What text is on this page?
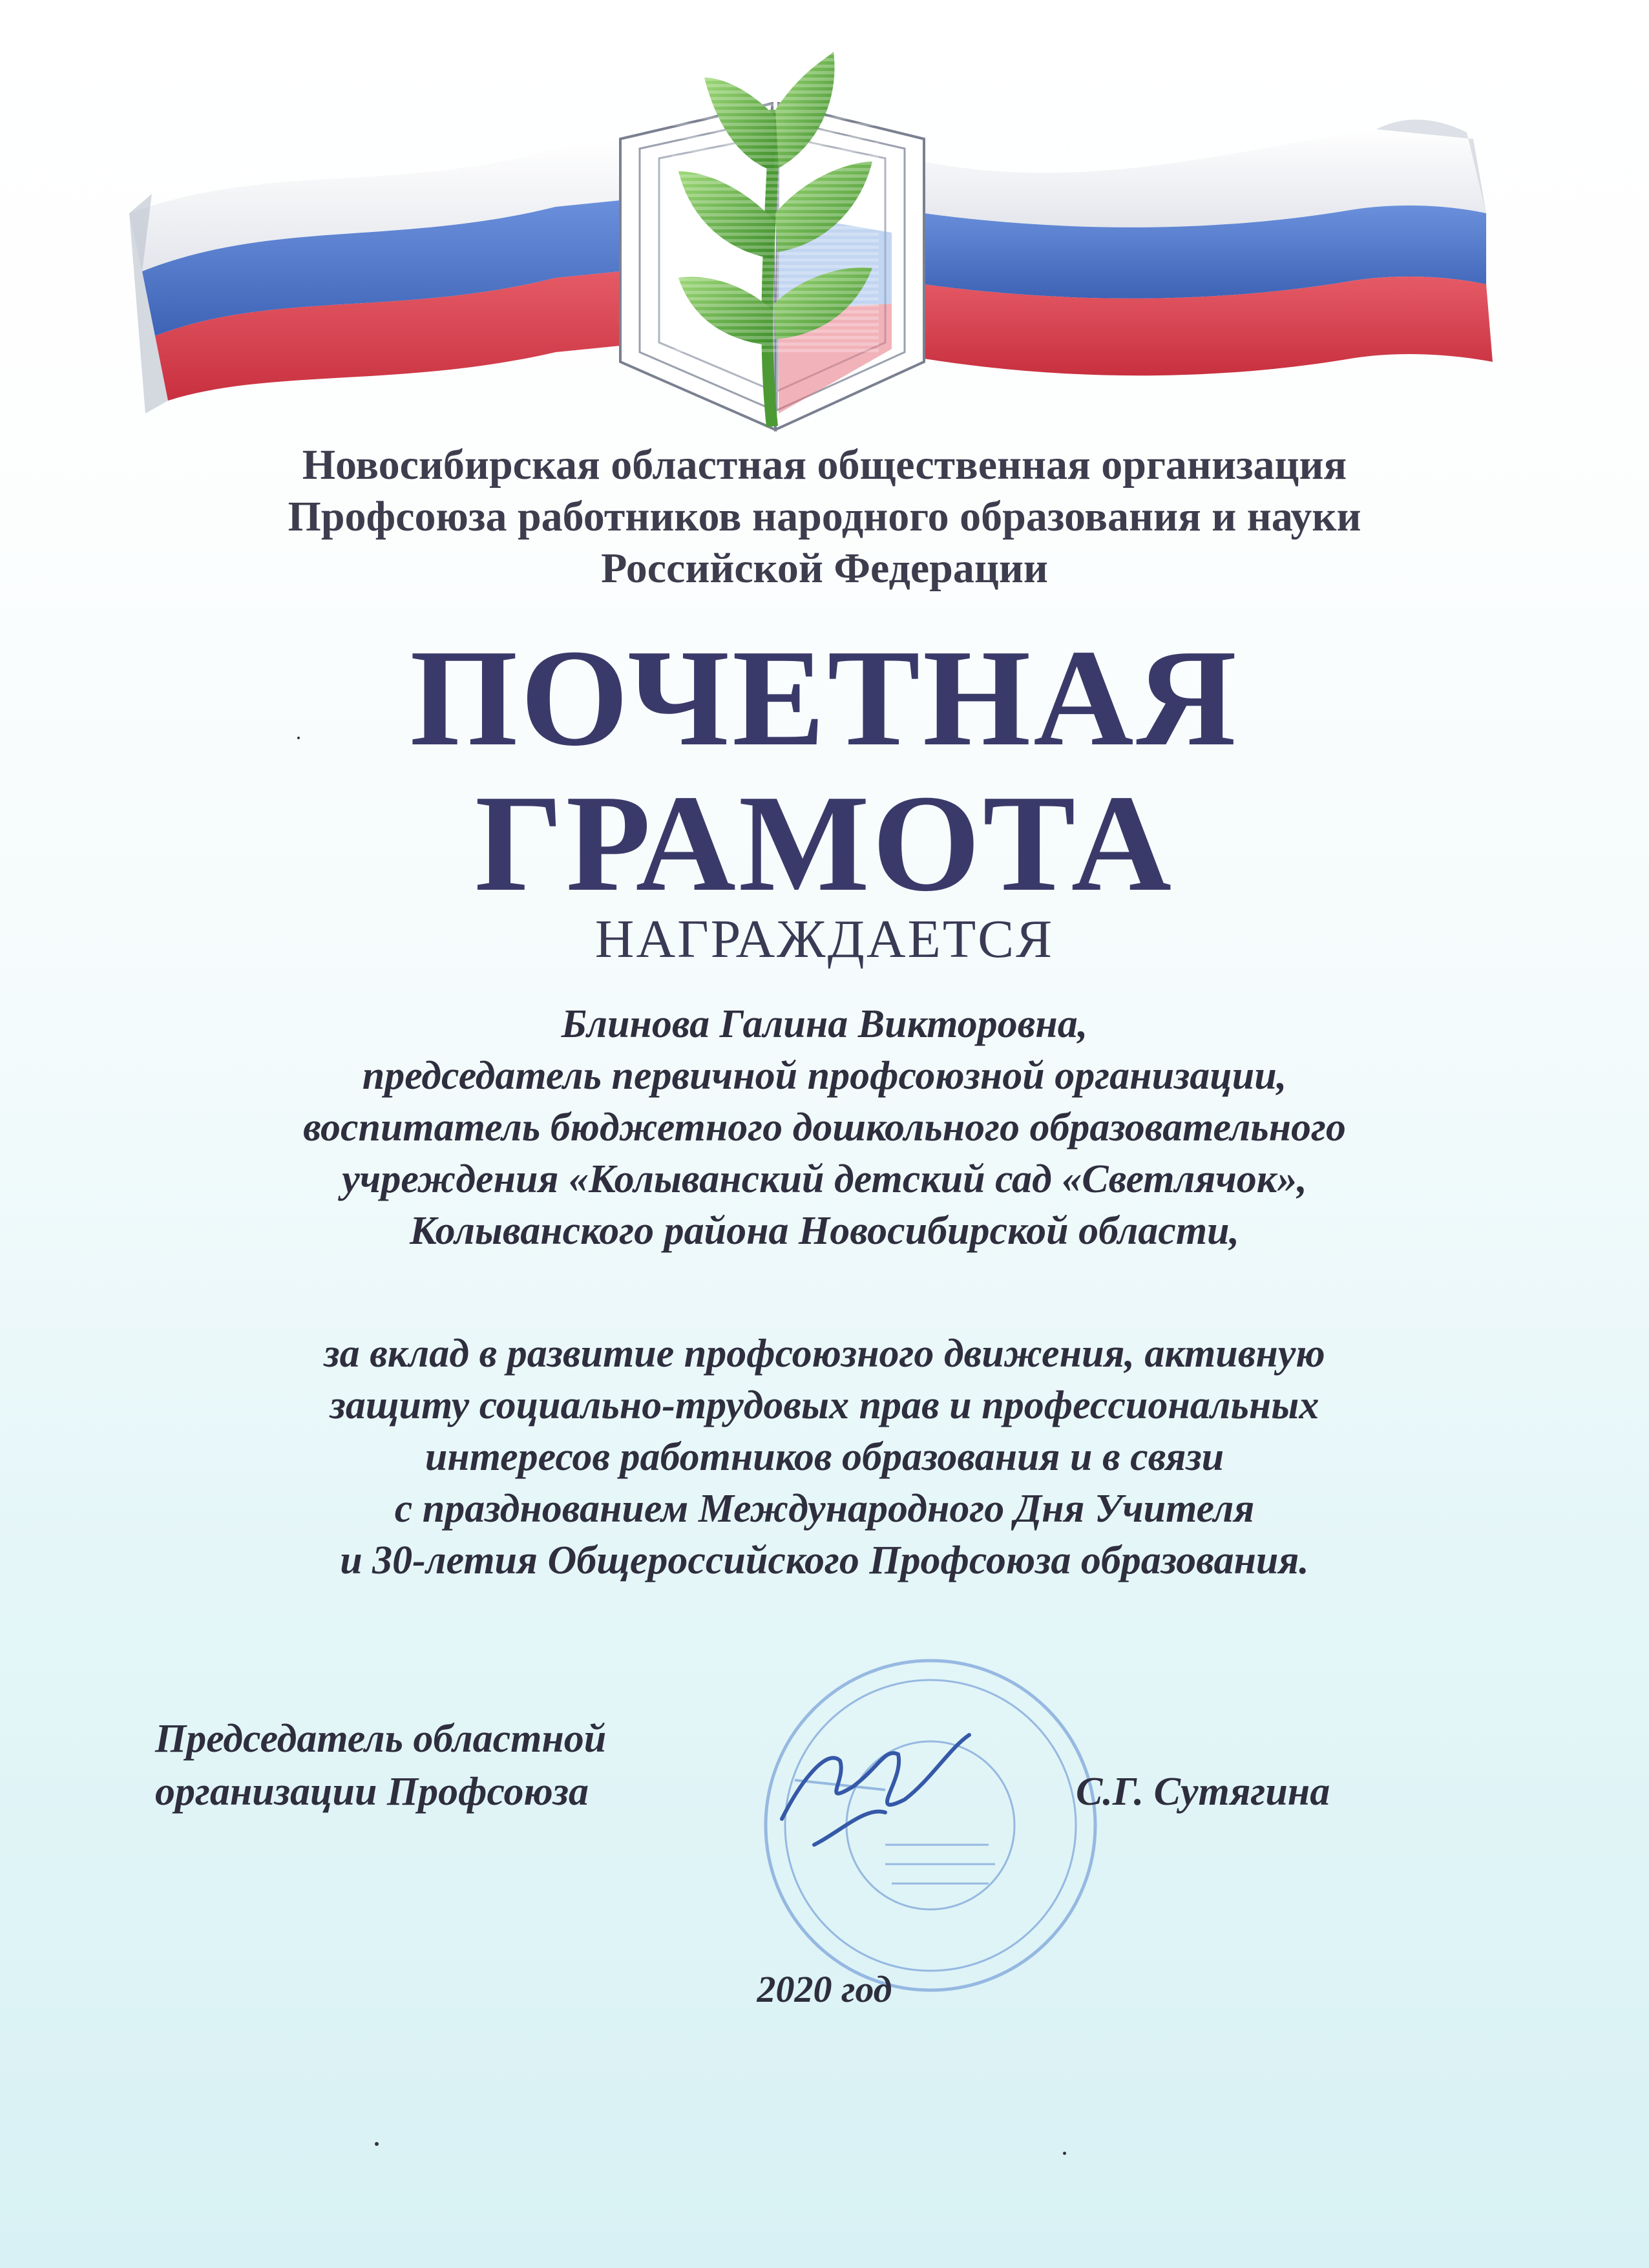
Новосибирская областная общественная организация
Профсоюза работников народного образования и науки
Российской Федерации
ПОЧЕТНАЯ
ГРАМОТА
НАГРАЖДАЕТСЯ
Блинова Галина Викторовна,
председатель первичной профсоюзной организации,
воспитатель бюджетного дошкольного образовательного
учреждения «Колыванский детский сад «Светлячок»,
Колыванского района Новосибирской области,
за вклад в развитие профсоюзного движения, активную
защиту социально-трудовых прав и профессиональных
интересов работников образования и в связи
с празднованием Международного Дня Учителя
и 30-летия Общероссийского Профсоюза образования.
Председатель областной
организации Профсоюза	С.Г. Сутягина
2020 год
